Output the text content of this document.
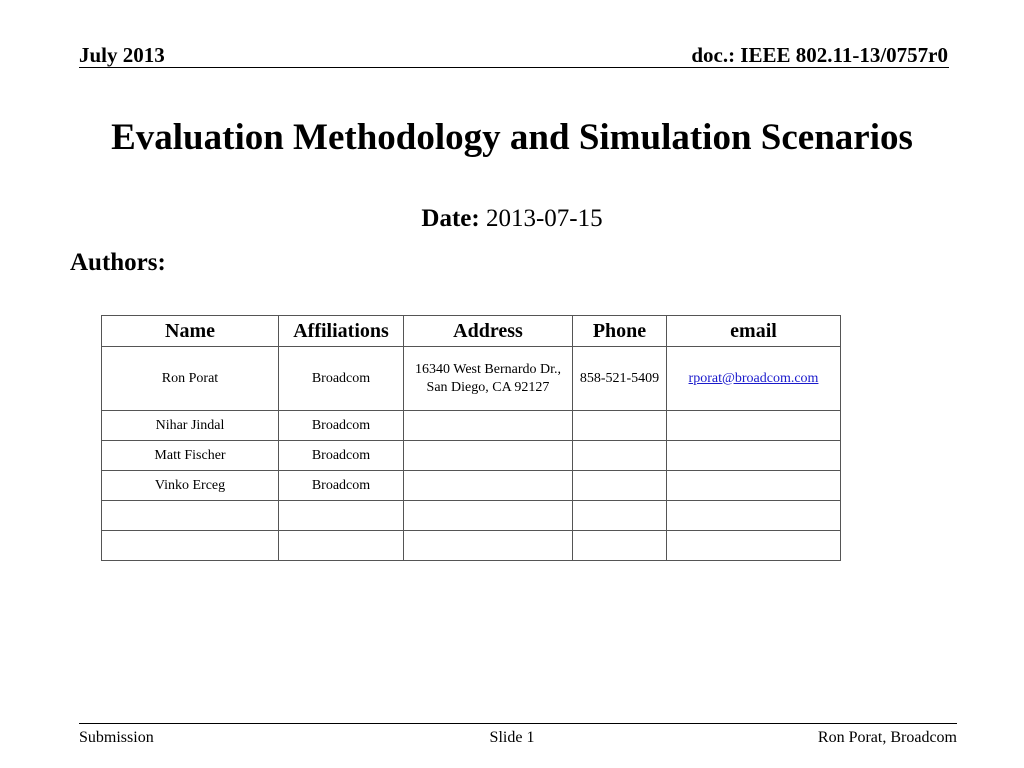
July 2013	doc.: IEEE 802.11-13/0757r0
Evaluation Methodology and Simulation Scenarios
Date: 2013-07-15
Authors:
Name	Affiliations	Address	Phone	email
Ron Porat	Broadcom	16340 West Bernardo Dr., San Diego, CA 92127	858-521-5409	rporat@broadcom.com
Nihar Jindal	Broadcom			
Matt Fischer	Broadcom			
Vinko Erceg	Broadcom			

Submission	Slide 1	Ron Porat, Broadcom
